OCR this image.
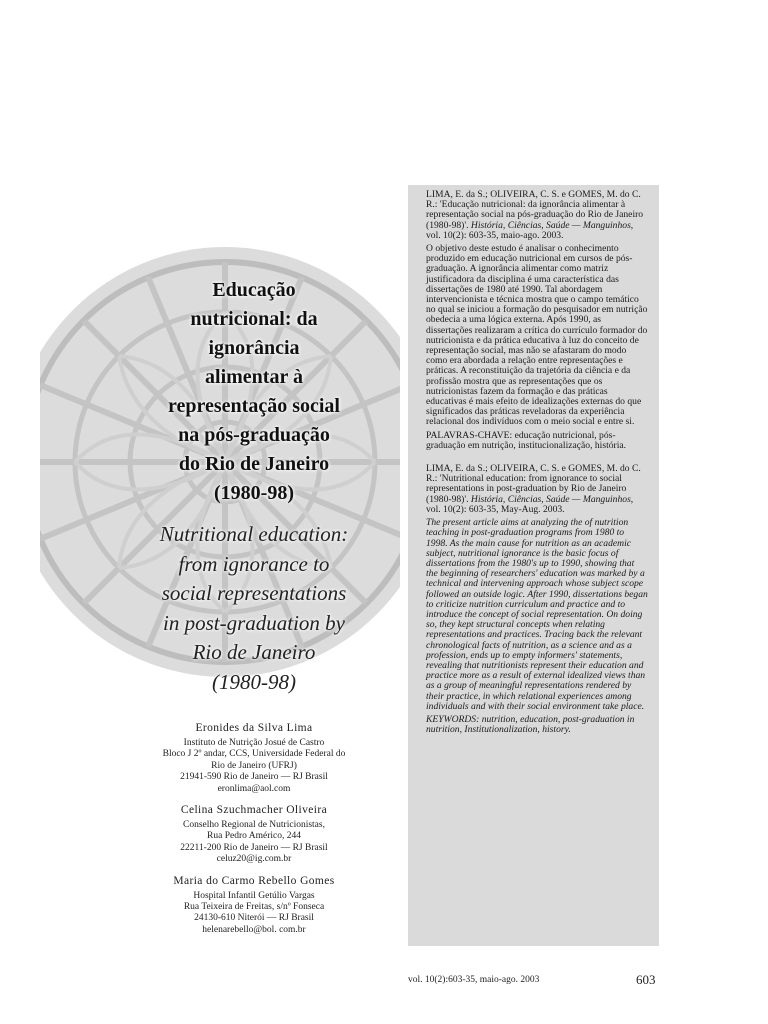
Educação
nutricional: da
ignorância
alimentar à
representação social
na pós-graduação
do Rio de Janeiro
(1980-98)
Nutritional education:
from ignorance to
social representations
in post-graduation by
Rio de Janeiro
(1980-98)
Eronides da Silva Lima
Instituto de Nutrição Josué de Castro
Bloco J 2º andar, CCS, Universidade Federal do
Rio de Janeiro (UFRJ)
21941-590 Rio de Janeiro — RJ Brasil
eronlima@aol.com
Celina Szuchmacher Oliveira
Conselho Regional de Nutricionistas,
Rua Pedro Américo, 244
22211-200 Rio de Janeiro — RJ Brasil
celuz20@ig.com.br
Maria do Carmo Rebello Gomes
Hospital Infantil Getúlio Vargas
Rua Teixeira de Freitas, s/nº Fonseca
24130-610 Niterói — RJ Brasil
helenarebello@bol. com.br

LIMA, E. da S.; OLIVEIRA, C. S. e GOMES, M. do C. R.: 'Educação nutricional: da ignorância alimentar à representação social na pós-graduação do Rio de Janeiro (1980-98)'. História, Ciências, Saúde — Manguinhos, vol. 10(2): 603-35, maio-ago. 2003.

O objetivo deste estudo é analisar o conhecimento produzido em educação nutricional em cursos de pós-graduação. A ignorância alimentar como matriz justificadora da disciplina é uma característica das dissertações de 1980 até 1990. Tal abordagem intervencionista e técnica mostra que o campo temático no qual se iniciou a formação do pesquisador em nutrição obedecia a uma lógica externa. Após 1990, as dissertações realizaram a crítica do currículo formador do nutricionista e da prática educativa à luz do conceito de representação social, mas não se afastaram do modo como era abordada a relação entre representações e práticas. A reconstituição da trajetória da ciência e da profissão mostra que as representações que os nutricionistas fazem da formação e das práticas educativas é mais efeito de idealizações externas do que significados das práticas reveladoras da experiência relacional dos indivíduos com o meio social e entre si.

PALAVRAS-CHAVE: educação nutricional, pós-graduação em nutrição, institucionalização, história.

LIMA, E. da S.; OLIVEIRA, C. S. e GOMES, M. do C. R.: 'Nutritional education: from ignorance to social representations in post-graduation by Rio de Janeiro (1980-98)'. História, Ciências, Saúde — Manguinhos, vol. 10(2): 603-35, May-Aug. 2003.

The present article aims at analyzing the of nutrition teaching in post-graduation programs from 1980 to 1998. As the main cause for nutrition as an academic subject, nutritional ignorance is the basic focus of dissertations from the 1980's up to 1990, showing that the beginning of researchers' education was marked by a technical and intervening approach whose subject scope followed an outside logic. After 1990, dissertations began to criticize nutrition curriculum and practice and to introduce the concept of social representation. On doing so, they kept structural concepts when relating representations and practices. Tracing back the relevant chronological facts of nutrition, as a science and as a profession, ends up to empty informers' statements, revealing that nutritionists represent their education and practice more as a result of external idealized views than as a group of meaningful representations rendered by their practice, in which relational experiences among individuals and with their social environment take place.

KEYWORDS: nutrition, education, post-graduation in nutrition, Institutionalization, history.

vol. 10(2):603-35, maio-ago. 2003	603
